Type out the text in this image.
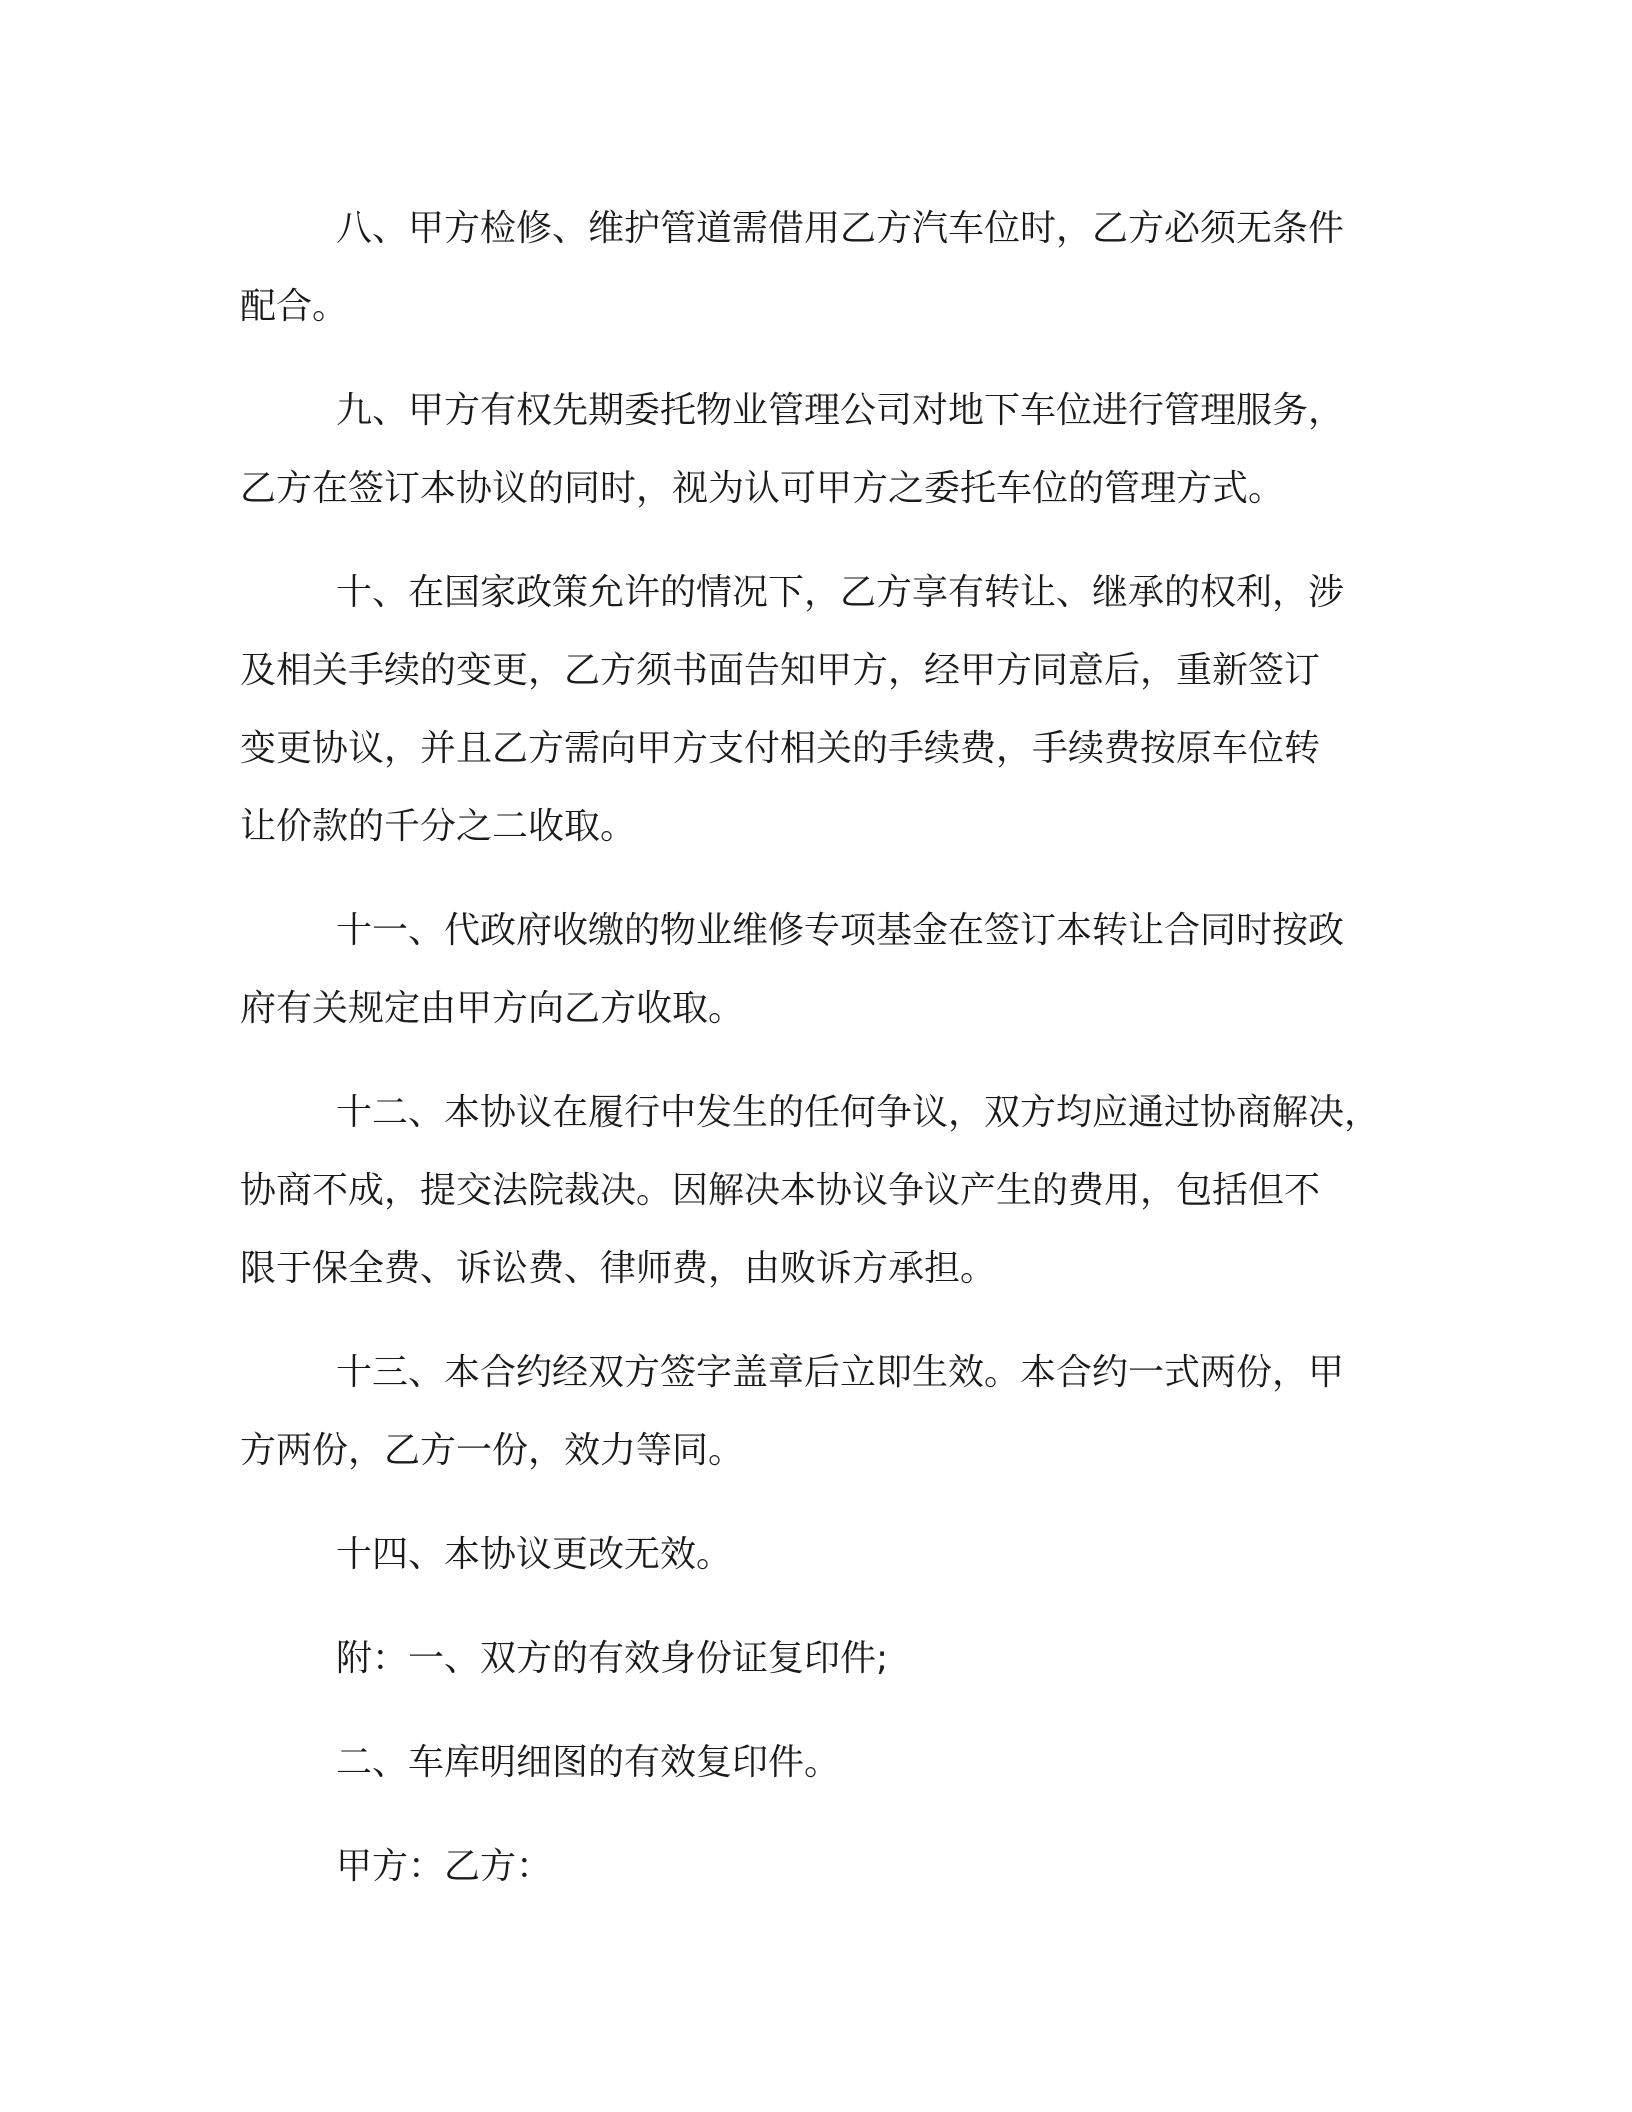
八、甲方检修、维护管道需借用乙方汽车位时，乙方必须无条件
配合。
九、甲方有权先期委托物业管理公司对地下车位进行管理服务，
乙方在签订本协议的同时，视为认可甲方之委托车位的管理方式。
十、在国家政策允许的情况下，乙方享有转让、继承的权利，涉
及相关手续的变更，乙方须书面告知甲方，经甲方同意后，重新签订
变更协议，并且乙方需向甲方支付相关的手续费，手续费按原车位转
让价款的千分之二收取。
十一、代政府收缴的物业维修专项基金在签订本转让合同时按政
府有关规定由甲方向乙方收取。
十二、本协议在履行中发生的任何争议，双方均应通过协商解决，
协商不成，提交法院裁决。因解决本协议争议产生的费用，包括但不
限于保全费、诉讼费、律师费，由败诉方承担。
十三、本合约经双方签字盖章后立即生效。本合约一式两份，甲
方两份，乙方一份，效力等同。
十四、本协议更改无效。
附：一、双方的有效身份证复印件;
二、车库明细图的有效复印件。
甲方：乙方：
